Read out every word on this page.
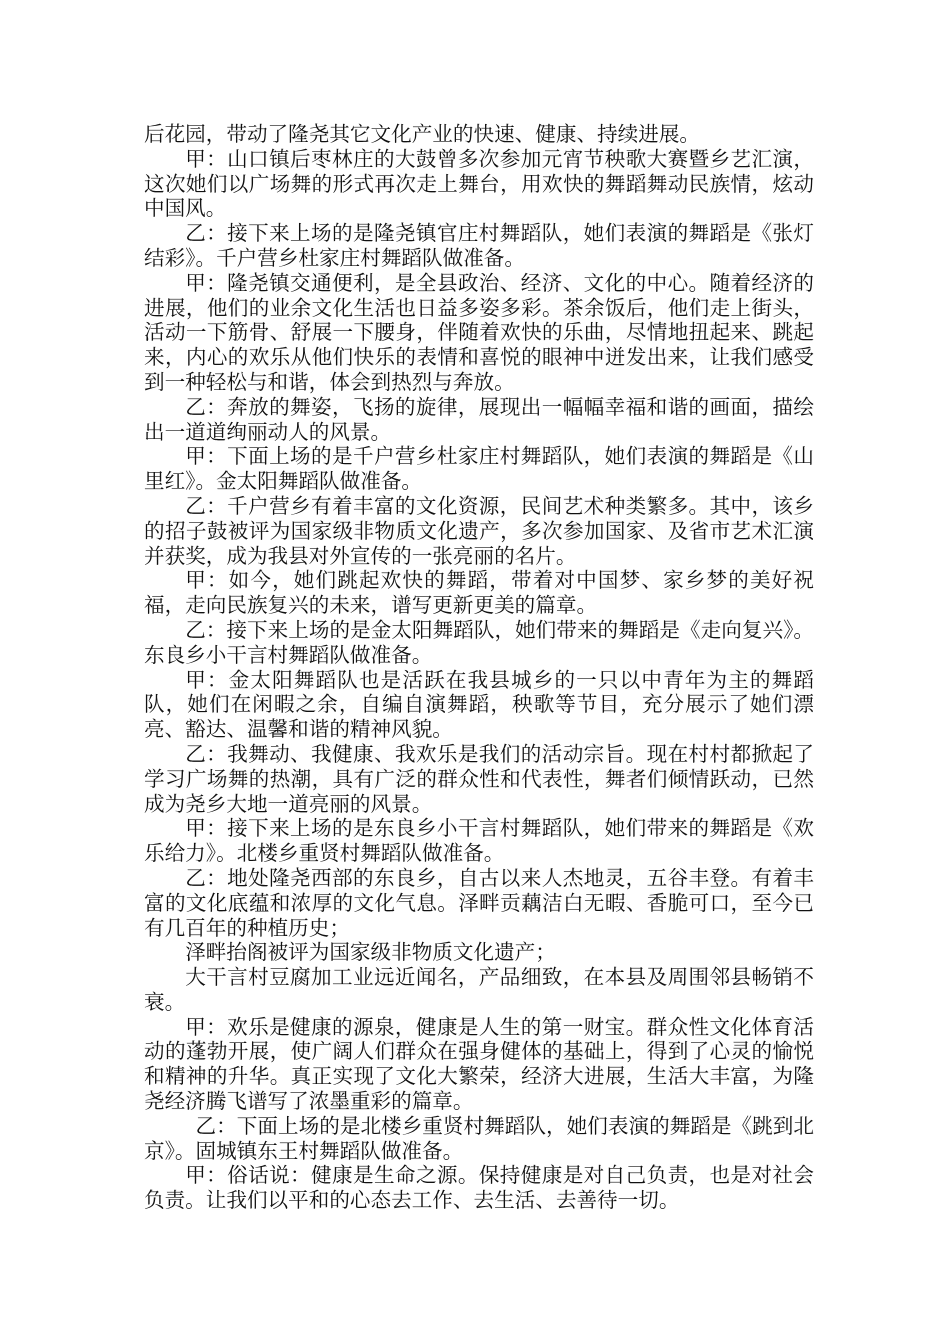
后花园，带动了隆尧其它文化产业的快速、健康、持续进展。

甲：山口镇后枣林庄的大鼓曾多次参加元宵节秧歌大赛暨乡艺汇演， 这次她们以广场舞的形式再次走上舞台，用欢快的舞蹈舞动民族情，炫动中国风。

乙：接下来上场的是隆尧镇官庄村舞蹈队，她们表演的舞蹈是《张灯结彩》。千户营乡杜家庄村舞蹈队做准备。

甲：隆尧镇交通便利，是全县政治、经济、文化的中心。随着经济的进展，他们的业余文化生活也日益多姿多彩。茶余饭后，他们走上街头，活动一下筋骨、舒展一下腰身，伴随着欢快的乐曲，尽情地扭起来、跳起来，内心的欢乐从他们快乐的表情和喜悦的眼神中迸发出来，让我们感受到一种轻松与和谐，体会到热烈与奔放。

乙：奔放的舞姿，飞扬的旋律，展现出一幅幅幸福和谐的画面，描绘出一道道绚丽动人的风景。

甲：下面上场的是千户营乡杜家庄村舞蹈队，她们表演的舞蹈是《山里红》。金太阳舞蹈队做准备。

乙：千户营乡有着丰富的文化资源，民间艺术种类繁多。其中，该乡的招子鼓被评为国家级非物质文化遗产，多次参加国家、及省市艺术汇演并获奖，成为我县对外宣传的一张亮丽的名片。

甲：如今，她们跳起欢快的舞蹈，带着对中国梦、家乡梦的美好祝福，走向民族复兴的未来，谱写更新更美的篇章。

乙：接下来上场的是金太阳舞蹈队，她们带来的舞蹈是《走向复兴》。东良乡小干言村舞蹈队做准备。

甲：金太阳舞蹈队也是活跃在我县城乡的一只以中青年为主的舞蹈队，她们在闲暇之余，自编自演舞蹈，秧歌等节目，充分展示了她们漂亮、豁达、温馨和谐的精神风貌。

乙：我舞动、我健康、我欢乐是我们的活动宗旨。现在村村都掀起了学习广场舞的热潮，具有广泛的群众性和代表性，舞者们倾情跃动，已然成为尧乡大地一道亮丽的风景。

甲：接下来上场的是东良乡小干言村舞蹈队，她们带来的舞蹈是《欢乐给力》。北楼乡重贤村舞蹈队做准备。

乙：地处隆尧西部的东良乡，自古以来人杰地灵，五谷丰登。有着丰富的文化底蕴和浓厚的文化气息。泽畔贡藕洁白无暇、香脆可口，至今已有几百年的种植历史；

泽畔抬阁被评为国家级非物质文化遗产；

大干言村豆腐加工业远近闻名，产品细致，在本县及周围邻县畅销不衰。

甲：欢乐是健康的源泉，健康是人生的第一财宝。群众性文化体育活动的蓬勃开展，使广阔人们群众在强身健体的基础上，得到了心灵的愉悦和精神的升华。真正实现了文化大繁荣，经济大进展，生活大丰富，为隆尧经济腾飞谱写了浓墨重彩的篇章。

乙：下面上场的是北楼乡重贤村舞蹈队，她们表演的舞蹈是《跳到北京》。固城镇东王村舞蹈队做准备。

甲：俗话说：健康是生命之源。保持健康是对自己负责，也是对社会负责。让我们以平和的心态去工作、去生活、去善待一切。
